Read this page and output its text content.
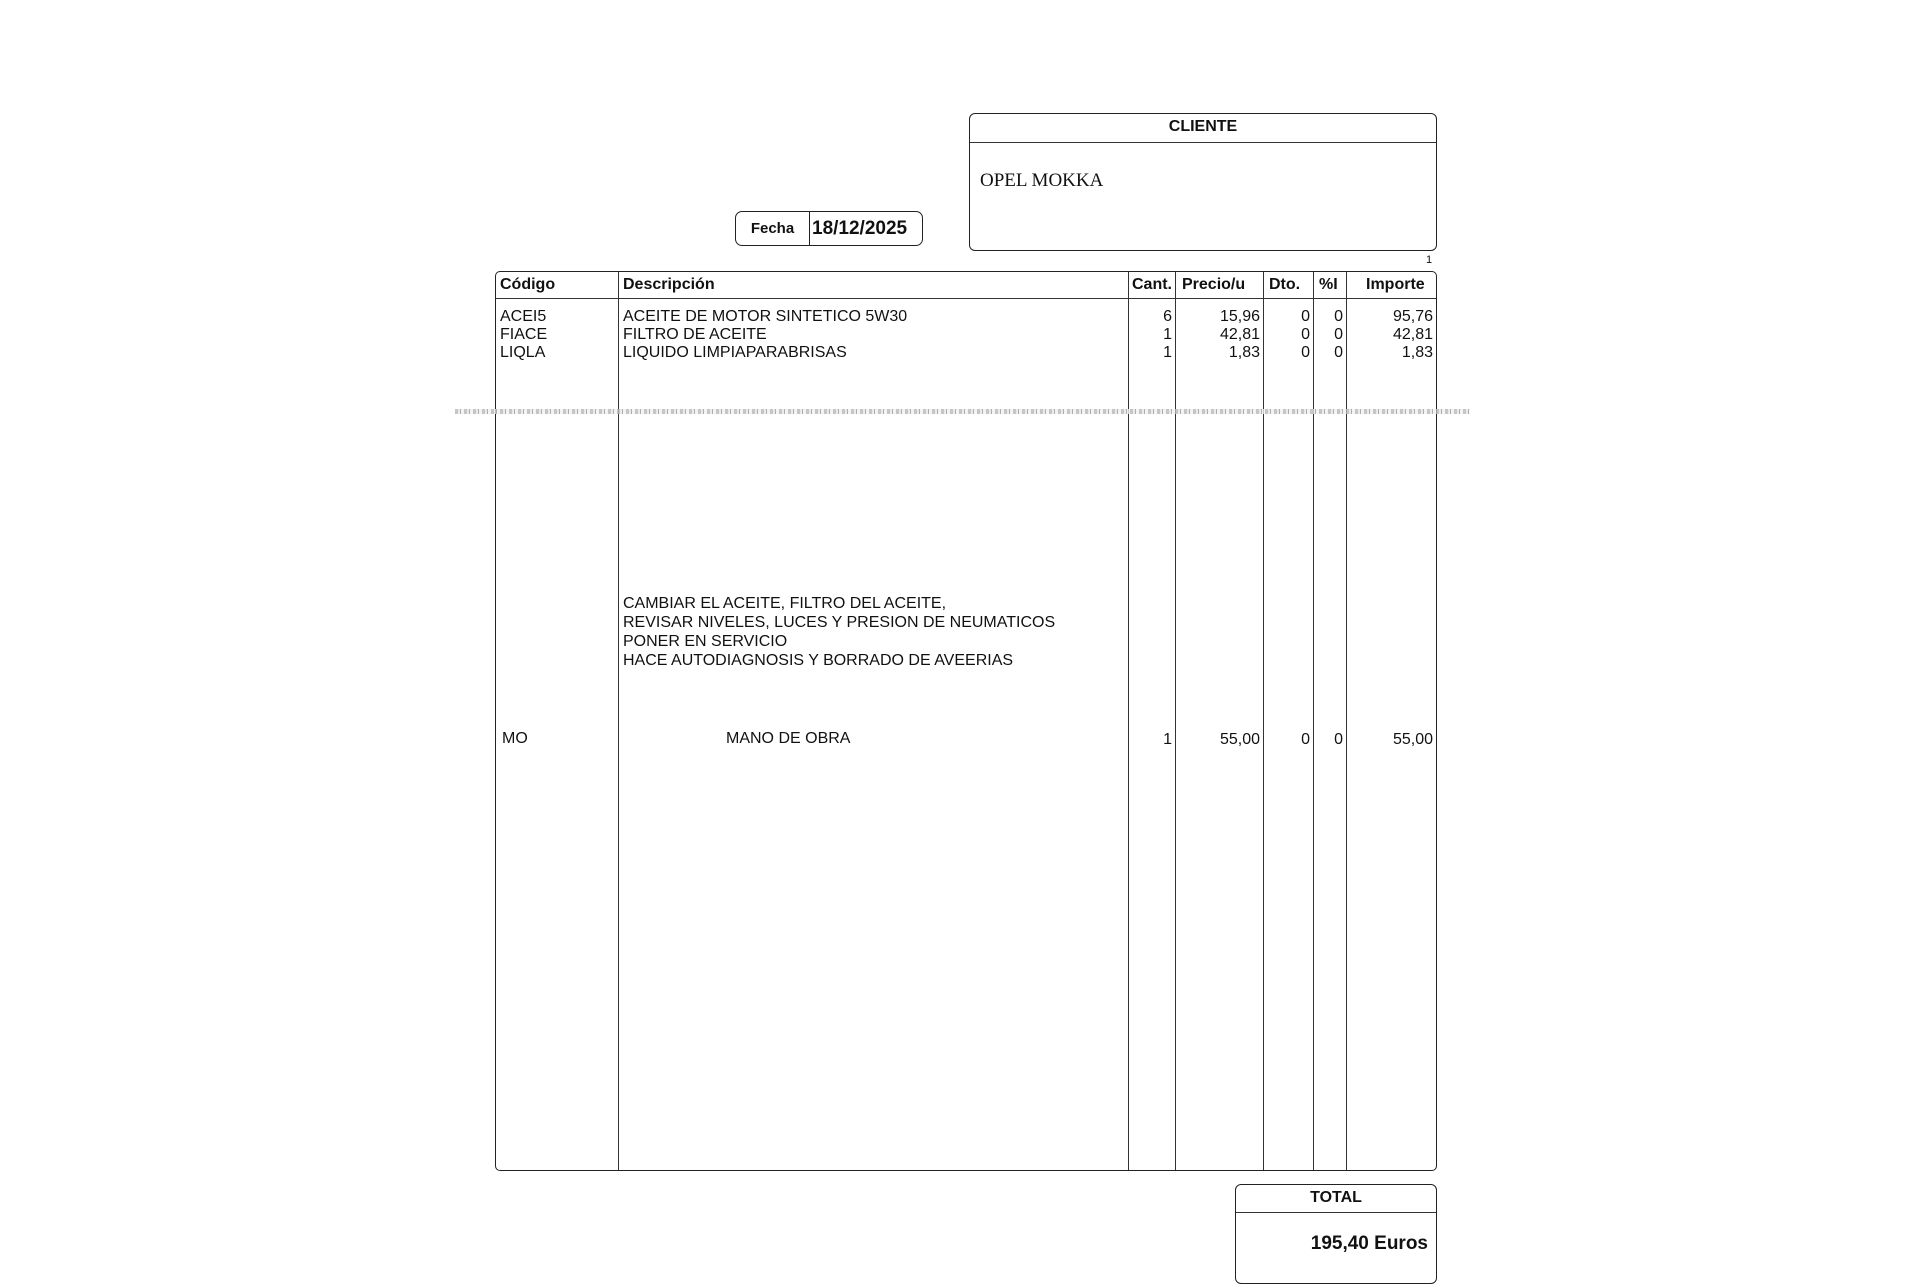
CLIENTE
OPEL MOKKA
Fecha 18/12/2025
1
Código	Descripción	Cant. Precio/u Dto. %I Importe
ACEI5	ACEITE DE MOTOR SINTETICO 5W30	6	15,96	0	0	95,76
FIACE	FILTRO DE ACEITE	1	42,81	0	0	42,81
LIQLA	LIQUIDO LIMPIAPARABRISAS	1	1,83	0	0	1,83
CAMBIAR EL ACEITE, FILTRO DEL ACEITE,
REVISAR NIVELES, LUCES Y PRESION DE NEUMATICOS
PONER EN SERVICIO
HACE AUTODIAGNOSIS Y BORRADO DE AVEERIAS
MO	MANO DE OBRA	1	55,00	0	0	55,00
TOTAL
195,40 Euros
